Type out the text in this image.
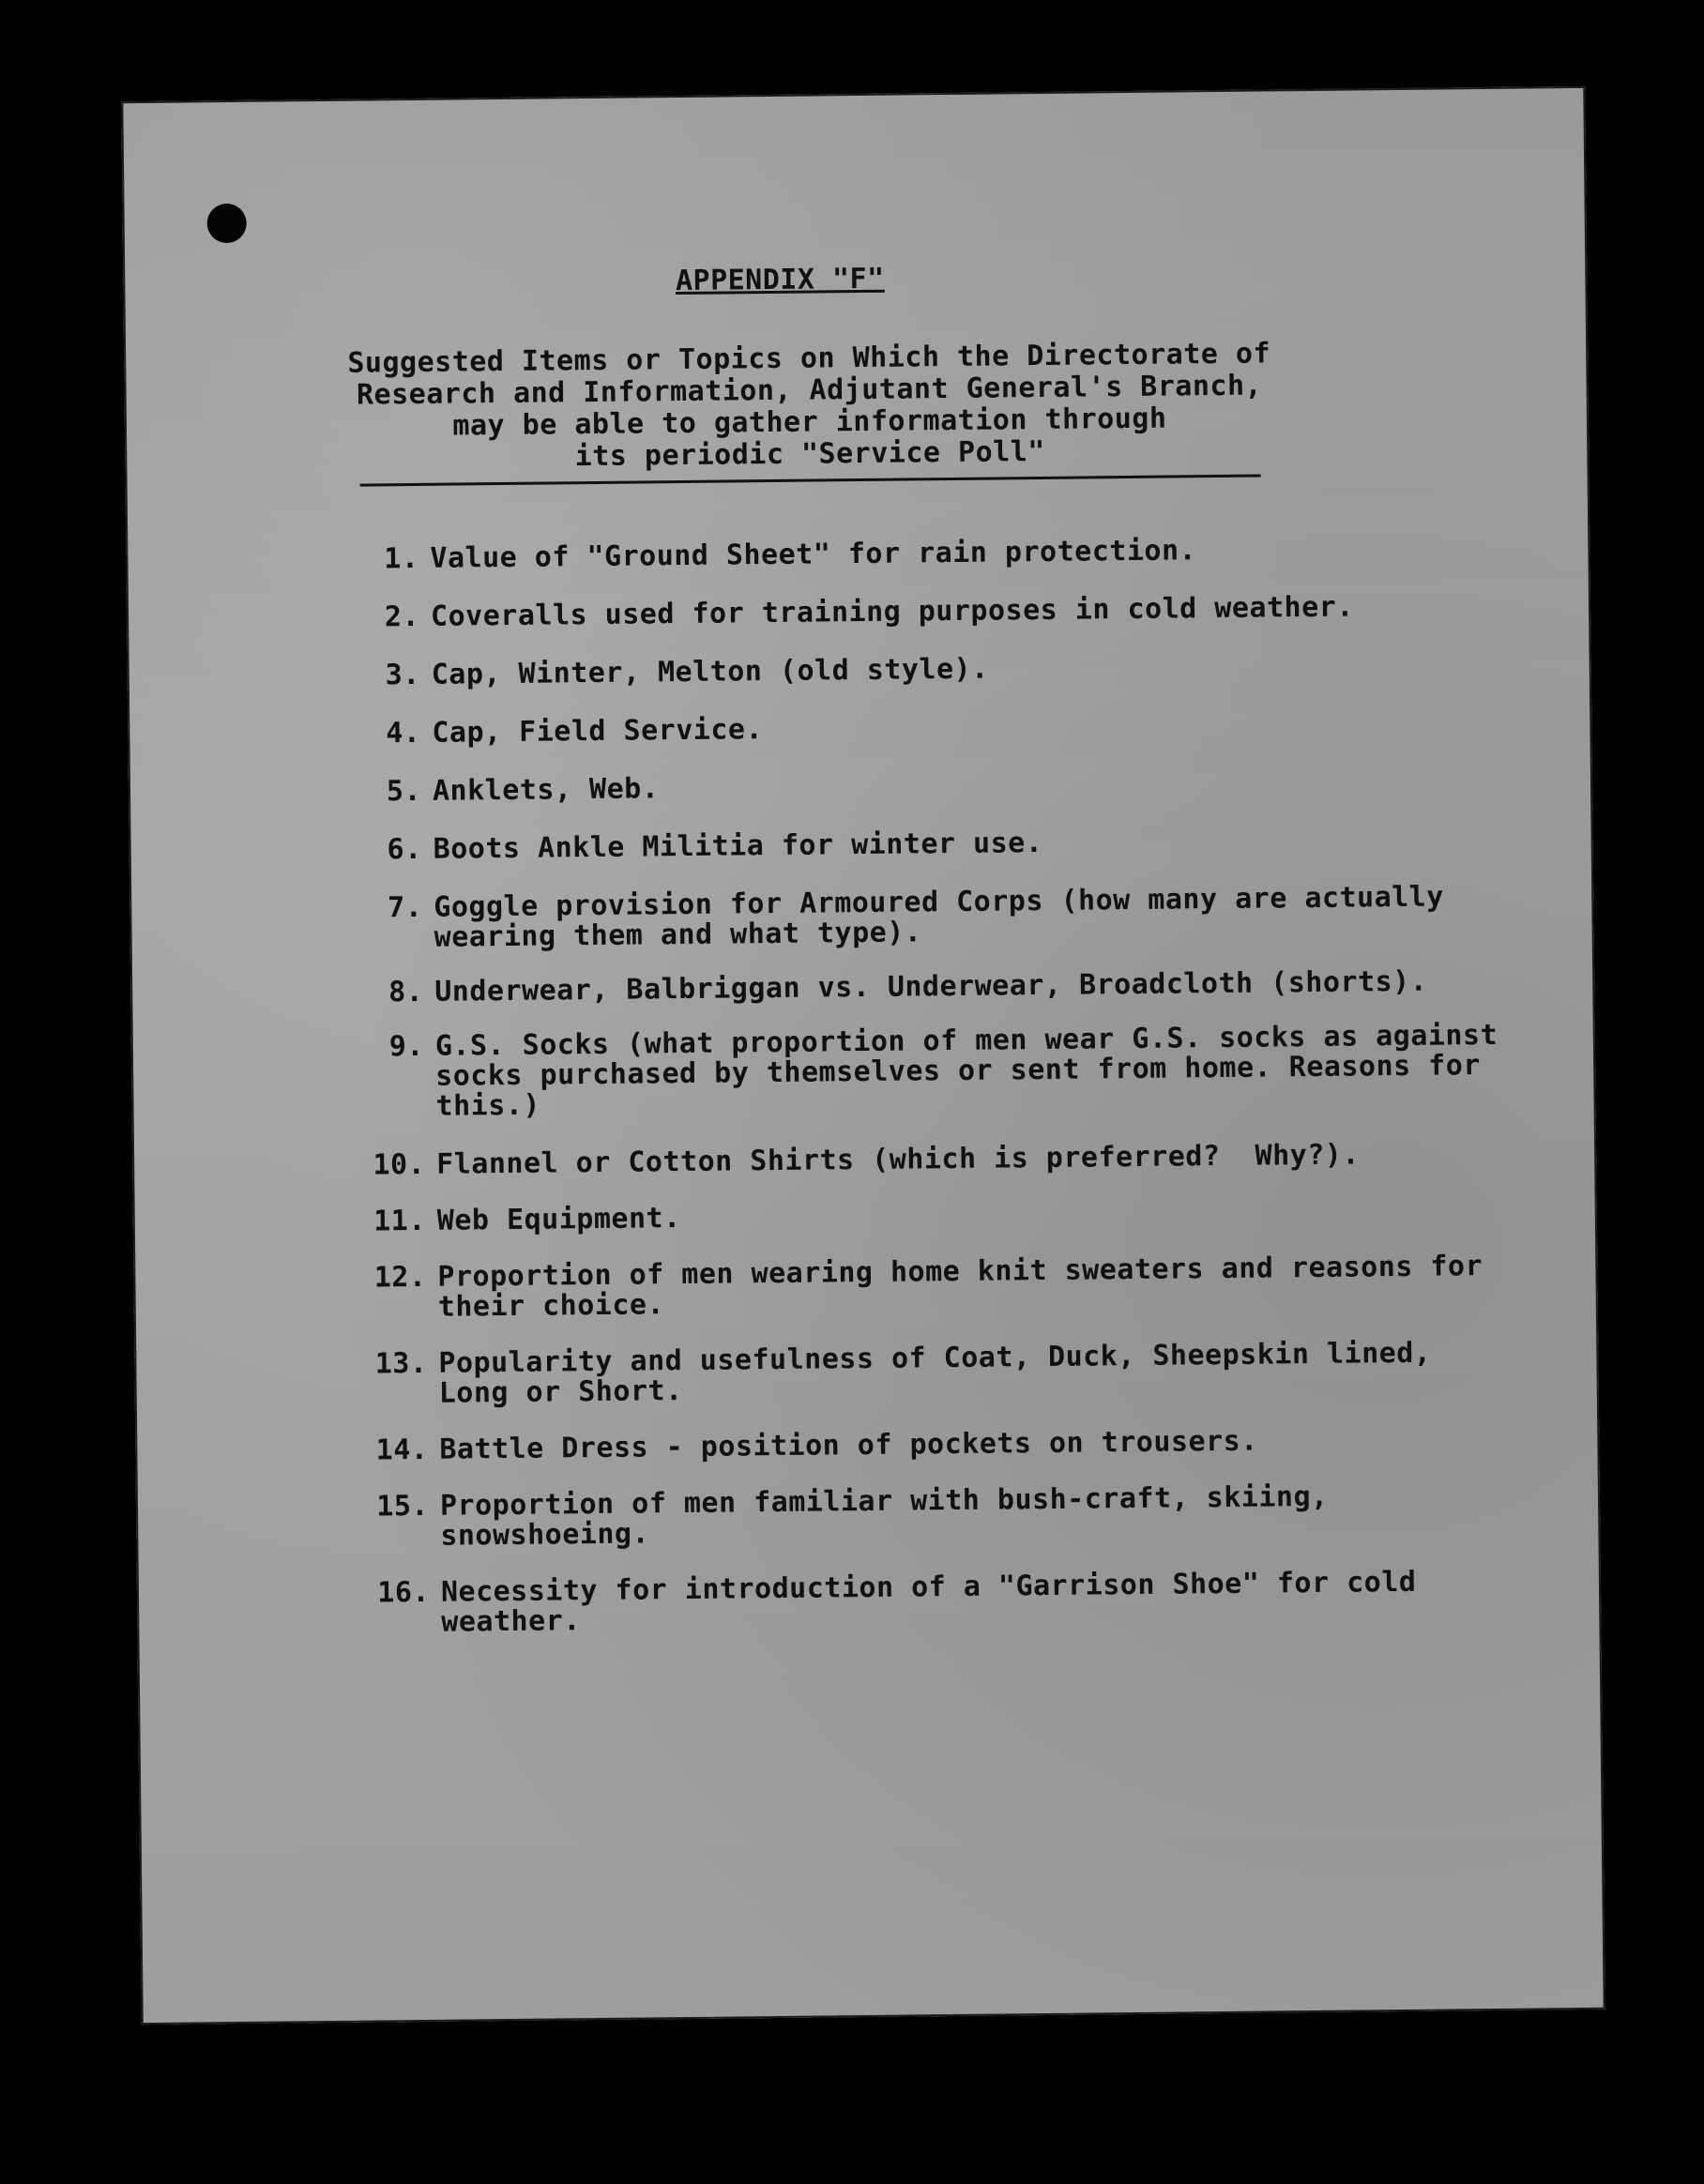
APPENDIX "F"
Suggested Items or Topics on Which the Directorate of
Research and Information, Adjutant General's Branch,
may be able to gather information through
its periodic "Service Poll"
1. Value of "Ground Sheet" for rain protection.
2. Coveralls used for training purposes in cold weather.
3. Cap, Winter, Melton (old style).
4. Cap, Field Service.
5. Anklets, Web.
6. Boots Ankle Militia for winter use.
7. Goggle provision for Armoured Corps (how many are actually wearing them and what type).
8. Underwear, Balbriggan vs. Underwear, Broadcloth (shorts).
9. G.S. Socks (what proportion of men wear G.S. socks as against socks purchased by themselves or sent from home. Reasons for this.)
10. Flannel or Cotton Shirts (which is preferred?  Why?).
11. Web Equipment.
12. Proportion of men wearing home knit sweaters and reasons for their choice.
13. Popularity and usefulness of Coat, Duck, Sheepskin lined, Long or Short.
14. Battle Dress - position of pockets on trousers.
15. Proportion of men familiar with bush-craft, skiing, snowshoeing.
16. Necessity for introduction of a "Garrison Shoe" for cold weather.
